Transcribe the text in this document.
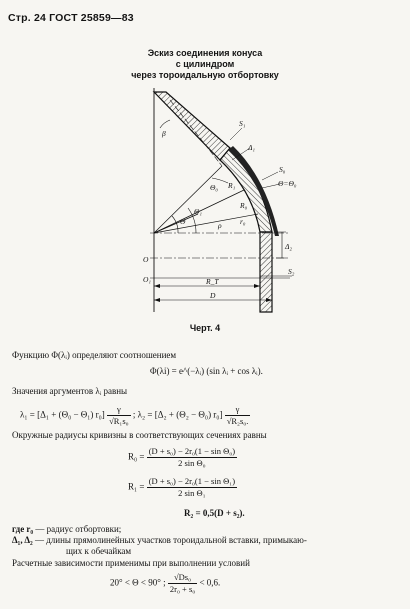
Стр. 24 ГОСТ 25859—83
Эскиз соединения конуса
с цилиндром
через тороидальную отбортовку
β
S₁
Δ₁
Θ₀ R₁
R₀
S₀
Θ=Θ₀
Θ₁
Θ	ρ r₀
Δ₂
S₂
O
O₁	R_T
D
Черт. 4
Функцию Φ(λᵢ) определяют соотношением
Φ(λi) = e^(−λᵢ) (sin λᵢ + cos λᵢ).
Значения аргументов λᵢ равны
λ₁ = [Δ₁ + (Θ₀ − Θ₁) $r_0] \frac{\gamma}{\text{√R₁s₀}}$ ; λ₂ = [Δ₂ + (Θ₂ − Θ₀) $r_0] \frac{\gamma}{\text{√R₂s₀.}}$
Окружные радиусы кривизны в соответствующих сечениях равны
$R_0 = \frac{\text{(D + s₀) − 2r₀(1 − sin Θ₀)}}{\text{2 sin Θ₀}}$
$R_1 = \frac{\text{(D + s₀) − 2r₀(1 − sin Θ₁)}}{\text{2 sin Θ₁}}$
R₂ = 0,5(D + s₂).
где r₀ — радиус отбортовки;
Δ₁, Δ₂ — длины прямолинейных участков тороидальной вставки, примыкаю-
щих к обечайкам
Расчетные зависимости применимы при выполнении условий
20° < Θ < 90° ; $\frac{\text{√Ds₀}}{\text{2r₀ + s₀}} < 0,6$.
